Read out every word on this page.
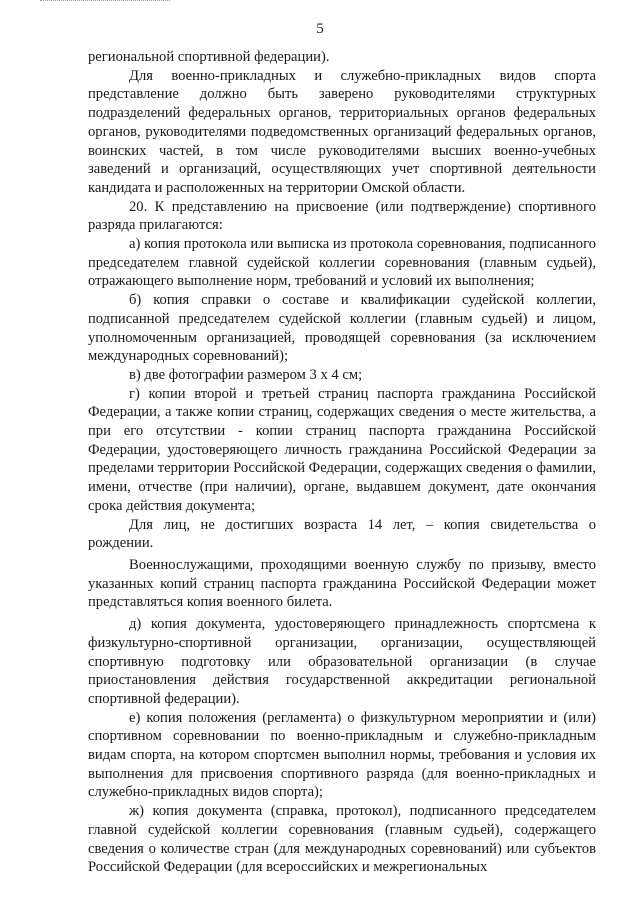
5

региональной спортивной федерации).

Для военно-прикладных и служебно-прикладных видов спорта представление должно быть заверено руководителями структурных подразделений федеральных органов, территориальных органов федеральных органов, руководителями подведомственных организаций федеральных органов, воинских частей, в том числе руководителями высших военно-учебных заведений и организаций, осуществляющих учет спортивной деятельности кандидата и расположенных на территории Омской области.

20. К представлению на присвоение (или подтверждение) спортивного разряда прилагаются:

а) копия протокола или выписка из протокола соревнования, подписанного председателем главной судейской коллегии соревнования (главным судьей), отражающего выполнение норм, требований и условий их выполнения;

б) копия справки о составе и квалификации судейской коллегии, подписанной председателем судейской коллегии (главным судьей) и лицом, уполномоченным организацией, проводящей соревнования (за исключением международных соревнований);

в) две фотографии размером 3 х 4 см;

г) копии второй и третьей страниц паспорта гражданина Российской Федерации, а также копии страниц, содержащих сведения о месте жительства, а при его отсутствии - копии страниц паспорта гражданина Российской Федерации, удостоверяющего личность гражданина Российской Федерации за пределами территории Российской Федерации, содержащих сведения о фамилии, имени, отчестве (при наличии), органе, выдавшем документ, дате окончания срока действия документа;

Для лиц, не достигших возраста 14 лет, – копия свидетельства о рождении.

Военнослужащими, проходящими военную службу по призыву, вместо указанных копий страниц паспорта гражданина Российской Федерации может представляться копия военного билета.

д) копия документа, удостоверяющего принадлежность спортсмена к физкультурно-спортивной организации, организации, осуществляющей спортивную подготовку или образовательной организации (в случае приостановления действия государственной аккредитации региональной спортивной федерации).

е) копия положения (регламента) о физкультурном мероприятии и (или) спортивном соревновании по военно-прикладным и служебно-прикладным видам спорта, на котором спортсмен выполнил нормы, требования и условия их выполнения для присвоения спортивного разряда (для военно-прикладных и служебно-прикладных видов спорта);

ж) копия документа (справка, протокол), подписанного председателем главной судейской коллегии соревнования (главным судьей), содержащего сведения о количестве стран (для международных соревнований) или субъектов Российской Федерации (для всероссийских и межрегиональных
